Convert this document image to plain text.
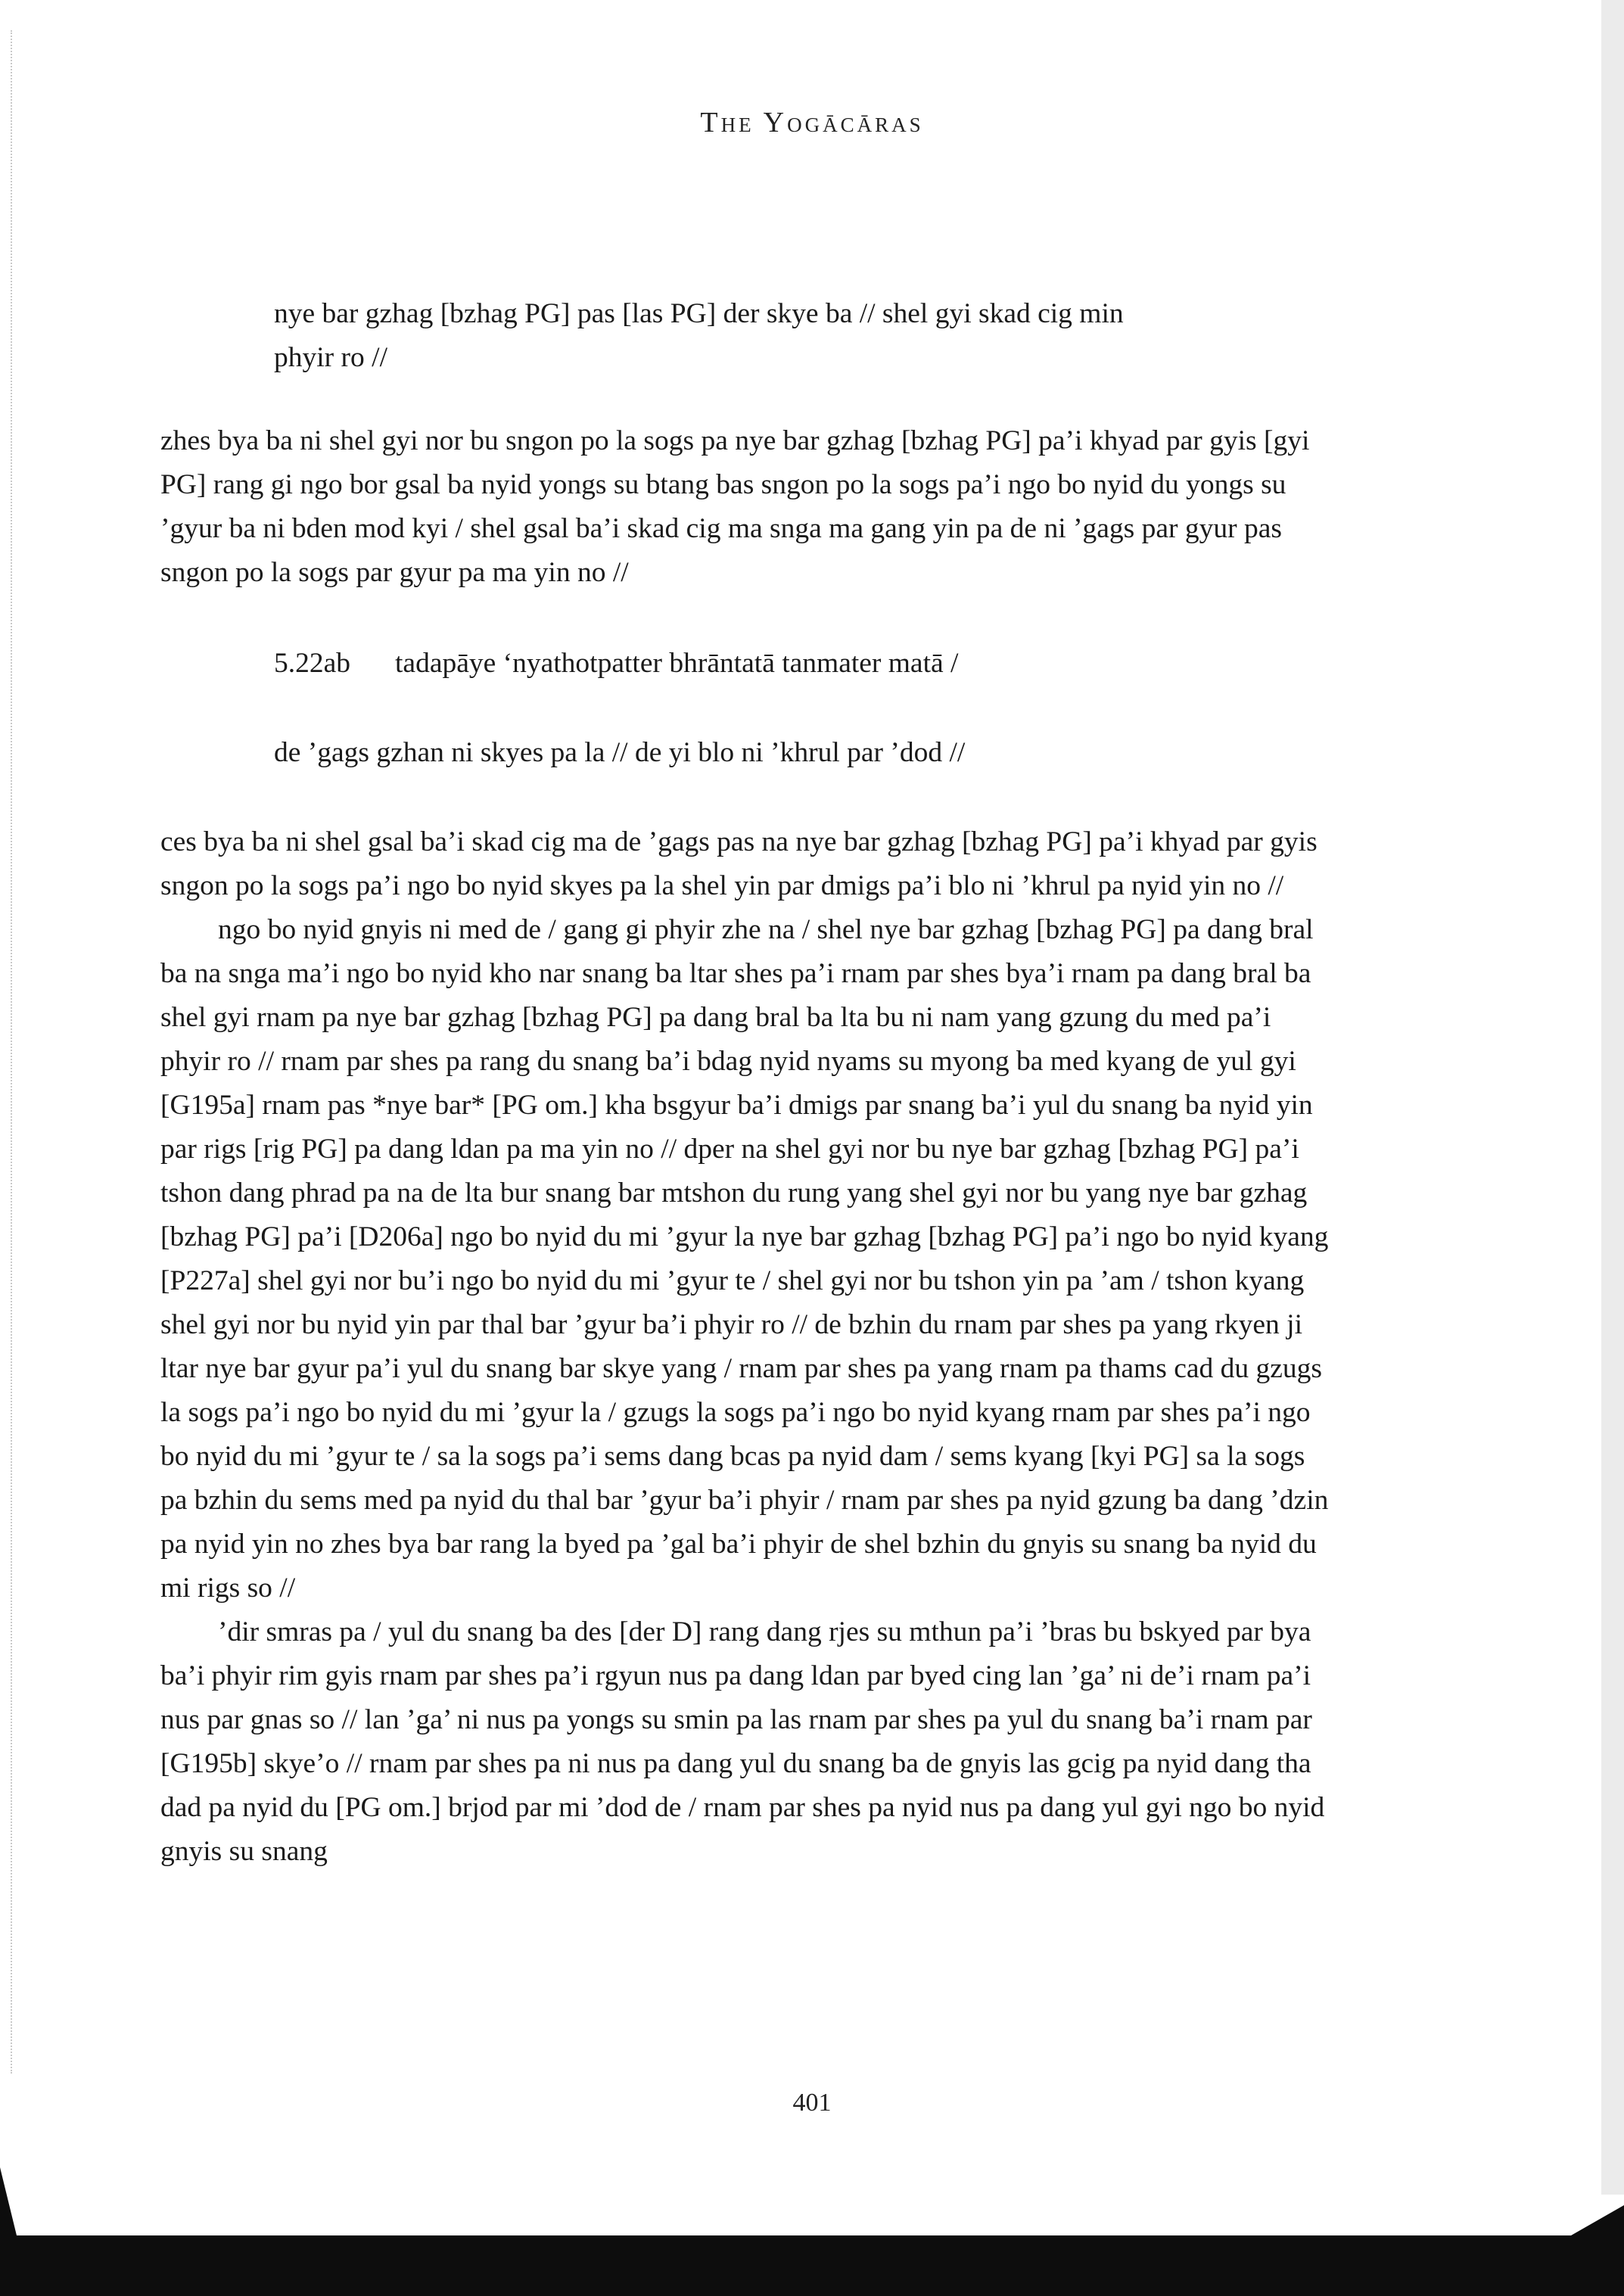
The Yogācāras

nye bar gzhag [bzhag PG] pas [las PG] der skye ba // shel gyi skad cig min

phyir ro //

zhes bya ba ni shel gyi nor bu sngon po la sogs pa nye bar gzhag [bzhag PG] pa’i khyad par gyis [gyi PG] rang gi ngo bor gsal ba nyid yongs su btang bas sngon po la sogs pa’i ngo bo nyid du yongs su ’gyur ba ni bden mod kyi / shel gsal ba’i skad cig ma snga ma gang yin pa de ni ’gags par gyur pas sngon po la sogs par gyur pa ma yin no //

5.22ab tadapāye ‘nyathotpatter bhrāntatā tanmater matā /

de ’gags gzhan ni skyes pa la // de yi blo ni ’khrul par ’dod //

ces bya ba ni shel gsal ba’i skad cig ma de ’gags pas na nye bar gzhag [bzhag PG] pa’i khyad par gyis sngon po la sogs pa’i ngo bo nyid skyes pa la shel yin par dmigs pa’i blo ni ’khrul pa nyid yin no //

ngo bo nyid gnyis ni med de / gang gi phyir zhe na / shel nye bar gzhag [bzhag PG] pa dang bral ba na snga ma’i ngo bo nyid kho nar snang ba ltar shes pa’i rnam par shes bya’i rnam pa dang bral ba shel gyi rnam pa nye bar gzhag [bzhag PG] pa dang bral ba lta bu ni nam yang gzung du med pa’i phyir ro // rnam par shes pa rang du snang ba’i bdag nyid nyams su myong ba med kyang de yul gyi [G195a] rnam pas *nye bar* [PG om.] kha bsgyur ba’i dmigs par snang ba’i yul du snang ba nyid yin par rigs [rig PG] pa dang ldan pa ma yin no // dper na shel gyi nor bu nye bar gzhag [bzhag PG] pa’i tshon dang phrad pa na de lta bur snang bar mtshon du rung yang shel gyi nor bu yang nye bar gzhag [bzhag PG] pa’i [D206a] ngo bo nyid du mi ’gyur la nye bar gzhag [bzhag PG] pa’i ngo bo nyid kyang [P227a] shel gyi nor bu’i ngo bo nyid du mi ’gyur te / shel gyi nor bu tshon yin pa ’am / tshon kyang shel gyi nor bu nyid yin par thal bar ’gyur ba’i phyir ro // de bzhin du rnam par shes pa yang rkyen ji ltar nye bar gyur pa’i yul du snang bar skye yang / rnam par shes pa yang rnam pa thams cad du gzugs la sogs pa’i ngo bo nyid du mi ’gyur la / gzugs la sogs pa’i ngo bo nyid kyang rnam par shes pa’i ngo bo nyid du mi ’gyur te / sa la sogs pa’i sems dang bcas pa nyid dam / sems kyang [kyi PG] sa la sogs pa bzhin du sems med pa nyid du thal bar ’gyur ba’i phyir / rnam par shes pa nyid gzung ba dang ’dzin pa nyid yin no zhes bya bar rang la byed pa ’gal ba’i phyir de shel bzhin du gnyis su snang ba nyid du mi rigs so //

’dir smras pa / yul du snang ba des [der D] rang dang rjes su mthun pa’i ’bras bu bskyed par bya ba’i phyir rim gyis rnam par shes pa’i rgyun nus pa dang ldan par byed cing lan ’ga’ ni de’i rnam pa’i nus par gnas so // lan ’ga’ ni nus pa yongs su smin pa las rnam par shes pa yul du snang ba’i rnam par [G195b] skye’o // rnam par shes pa ni nus pa dang yul du snang ba de gnyis las gcig pa nyid dang tha dad pa nyid du [PG om.] brjod par mi ’dod de / rnam par shes pa nyid nus pa dang yul gyi ngo bo nyid gnyis su snang

401
